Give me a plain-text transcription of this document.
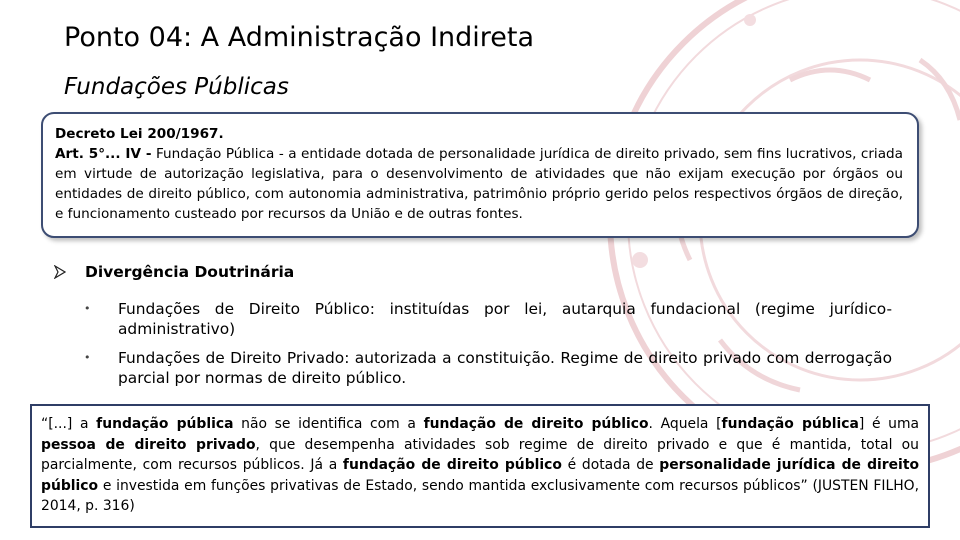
Ponto 04: A Administração Indireta
Fundações Públicas
Decreto Lei 200/1967.

Art. 5°... IV - Fundação Pública - a entidade dotada de personalidade jurídica de direito privado, sem fins lucrativos, criada em virtude de autorização legislativa, para o desenvolvimento de atividades que não exijam execução por órgãos ou entidades de direito público, com autonomia administrativa, patrimônio próprio gerido pelos respectivos órgãos de direção, e funcionamento custeado por recursos da União e de outras fontes.

Divergência Doutrinária
•	Fundações de Direito Público: instituídas por lei, autarquia fundacional (regime jurídico-administrativo)
•	Fundações de Direito Privado: autorizada a constituição. Regime de direito privado com derrogação parcial por normas de direito público.
“[...] a fundação pública não se identifica com a fundação de direito público. Aquela [fundação pública] é uma pessoa de direito privado, que desempenha atividades sob regime de direito privado e que é mantida, total ou parcialmente, com recursos públicos. Já a fundação de direito público é dotada de personalidade jurídica de direito público e investida em funções privativas de Estado, sendo mantida exclusivamente com recursos públicos” (JUSTEN FILHO, 2014, p. 316)
